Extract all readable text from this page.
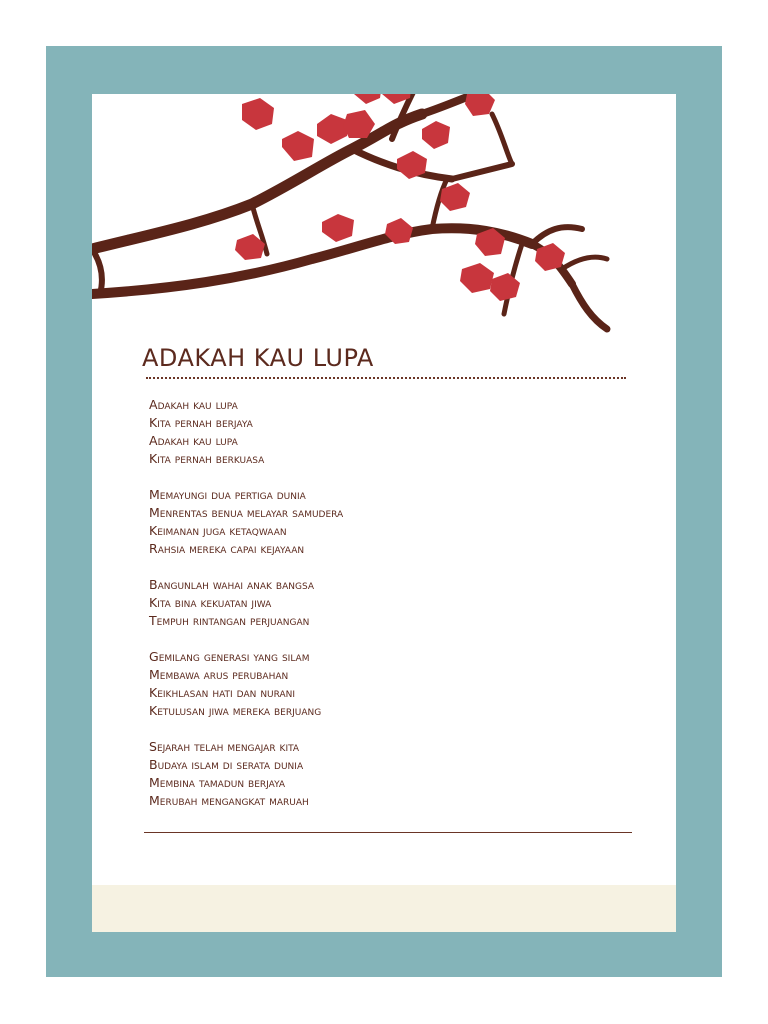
ADAKAH KAU LUPA
Adakah kau lupa
Kita pernah berjaya
Adakah kau lupa
Kita pernah berkuasa
Memayungi dua pertiga dunia
Menrentas benua melayar samudera
Keimanan juga ketaqwaan
Rahsia mereka capai kejayaan
Bangunlah wahai anak bangsa
Kita bina kekuatan jiwa
Tempuh rintangan perjuangan
Gemilang generasi yang silam
Membawa arus perubahan
Keikhlasan hati dan nurani
Ketulusan jiwa mereka berjuang
Sejarah telah mengajar kita
Budaya islam di serata dunia
Membina tamadun berjaya
Merubah mengangkat maruah
